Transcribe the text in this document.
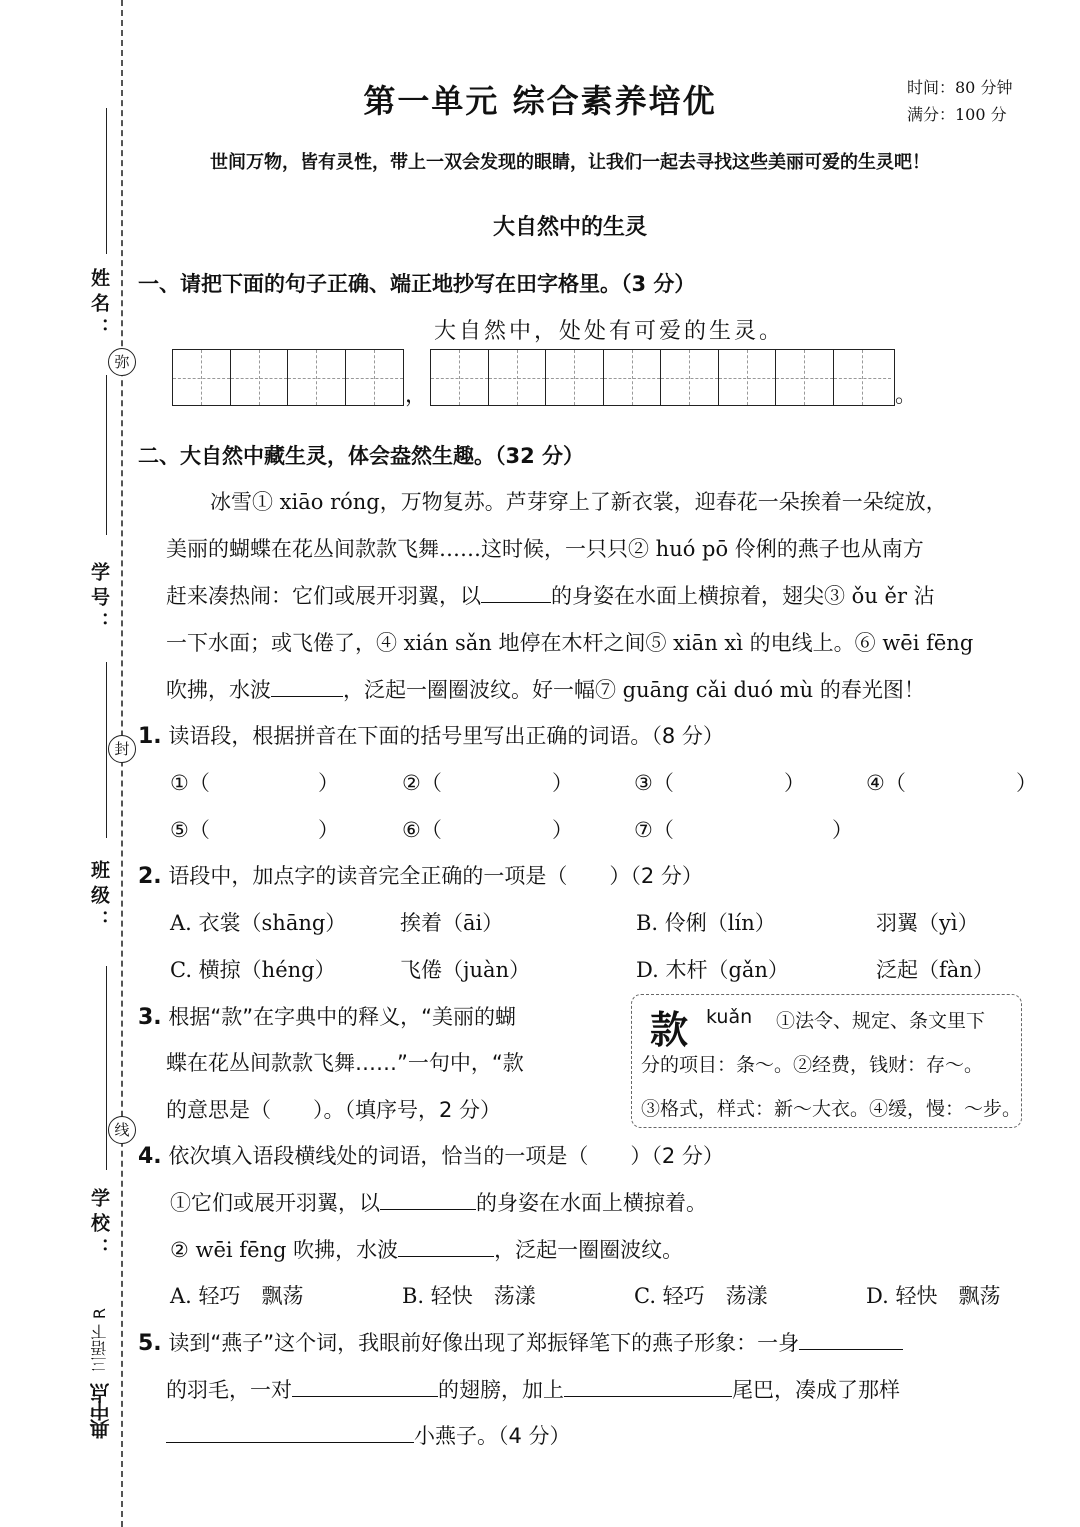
姓名：
弥
学号：
封
班级：
线
学校：
三语下 R
典中点
第一单元 综合素养培优	时间：80 分钟
满分：100 分
世间万物，皆有灵性，带上一双会发现的眼睛，让我们一起去寻找这些美丽可爱的生灵吧！
大自然中的生灵
一、请把下面的句子正确、端正地抄写在田字格里。（3 分）
大自然中，处处有可爱的生灵。
，	。
二、大自然中藏生灵，体会盎然生趣。（32 分）
冰雪① xiāo róng，万物复苏。芦芽穿上了新衣裳，迎春花一朵挨着一朵绽放，
美丽的蝴蝶在花丛间款款飞舞……这时候，一只只② huó pō 伶俐的燕子也从南方
赶来凑热闹：它们或展开羽翼，以	的身姿在水面上横掠着，翅尖③ ǒu ěr 沾
一下水面；或飞倦了，④ xián sǎn 地停在木杆之间⑤ xiān xì 的电线上。⑥ wēi fēng
吹拂，水波	，泛起一圈圈波纹。好一幅⑦ guāng cǎi duó mù 的春光图！
1. 读语段，根据拼音在下面的括号里写出正确的词语。（8 分）
①（	）	②（	）	③（	）	④（	）
⑤（	）	⑥（	）	⑦（	）
2. 语段中，加点字的读音完全正确的一项是（　　）（2 分）
A. 衣裳（shāng）	挨着（āi）	B. 伶俐（lín）	羽翼（yì）
C. 横掠（héng）	飞倦（juàn）	D. 木杆（gǎn）	泛起（fàn）
3. 根据“款”在字典中的释义，“美丽的蝴
蝶在花丛间款款飞舞……”一句中，“款
的意思是（　　）。（填序号，2 分）
款 kuǎn ①法令、规定、条文里下
分的项目：条～。②经费，钱财：存～。
③格式，样式：新～大衣。④缓，慢：～步。
4. 依次填入语段横线处的词语，恰当的一项是（　　）（2 分）
①它们或展开羽翼，以	的身姿在水面上横掠着。
② wēi fēng 吹拂，水波	，泛起一圈圈波纹。
A. 轻巧　飘荡	B. 轻快　荡漾	C. 轻巧　荡漾	D. 轻快　飘荡
5. 读到“燕子”这个词，我眼前好像出现了郑振铎笔下的燕子形象：一身
的羽毛，一对	的翅膀，加上	尾巴，凑成了那样
小燕子。（4 分）
